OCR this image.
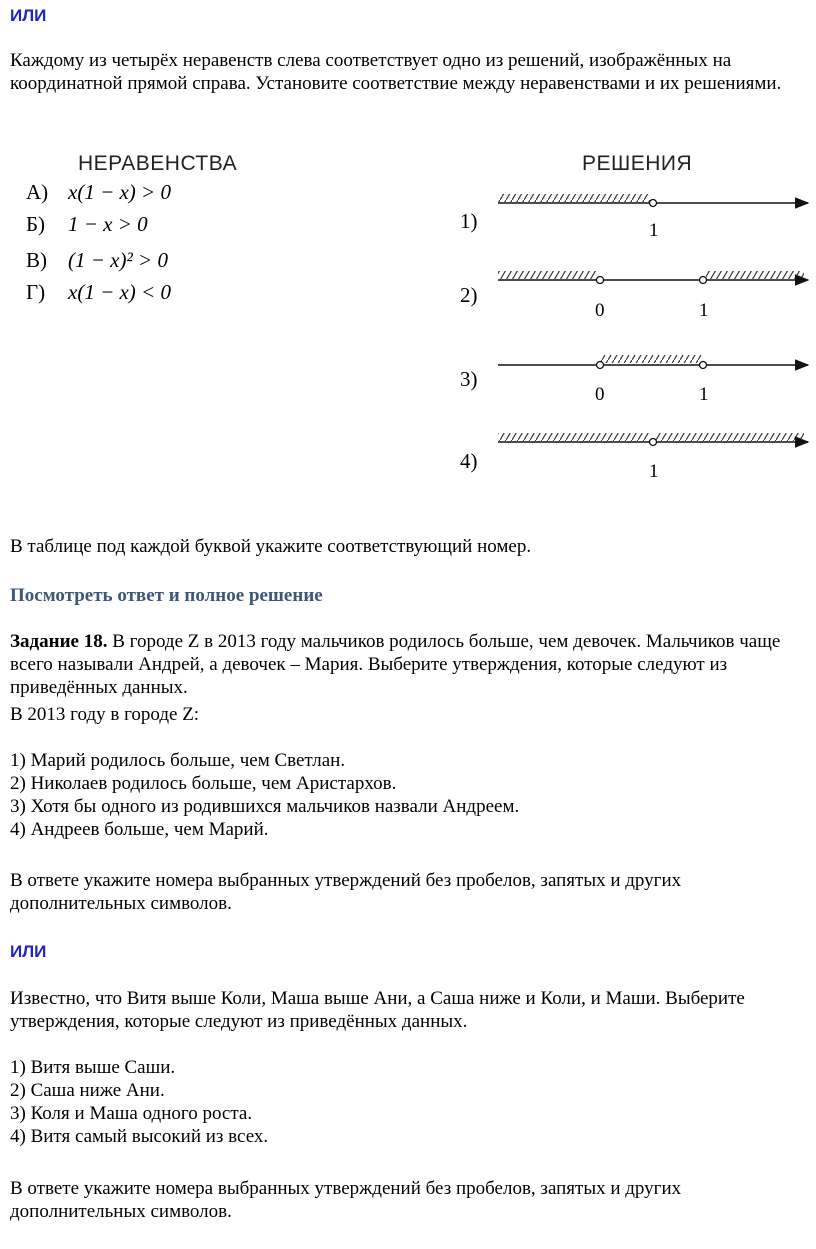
ИЛИ
Каждому из четырёх неравенств слева соответствует одно из решений, изображённых на координатной прямой справа. Установите соответствие между неравенствами и их решениями.
НЕРАВЕНСТВА	РЕШЕНИЯ
А) x(1 − x) > 0
Б) 1 − x > 0
В) (1 − x)² > 0
Г) x(1 − x) < 0
1)	1
2)
0	1
3)
0	1
4)	1
В таблице под каждой буквой укажите соответствующий номер.
Посмотреть ответ и полное решение
Задание 18. В городе Z в 2013 году мальчиков родилось больше, чем девочек. Мальчиков чаще всего называли Андрей, а девочек – Мария. Выберите утверждения, которые следуют из приведённых данных.
В 2013 году в городе Z:
1) Марий родилось больше, чем Светлан.
2) Николаев родилось больше, чем Аристархов.
3) Хотя бы одного из родившихся мальчиков назвали Андреем.
4) Андреев больше, чем Марий.
В ответе укажите номера выбранных утверждений без пробелов, запятых и других дополнительных символов.
ИЛИ
Известно, что Витя выше Коли, Маша выше Ани, а Саша ниже и Коли, и Маши. Выберите утверждения, которые следуют из приведённых данных.
1) Витя выше Саши.
2) Саша ниже Ани.
3) Коля и Маша одного роста.
4) Витя самый высокий из всех.
В ответе укажите номера выбранных утверждений без пробелов, запятых и других дополнительных символов.
